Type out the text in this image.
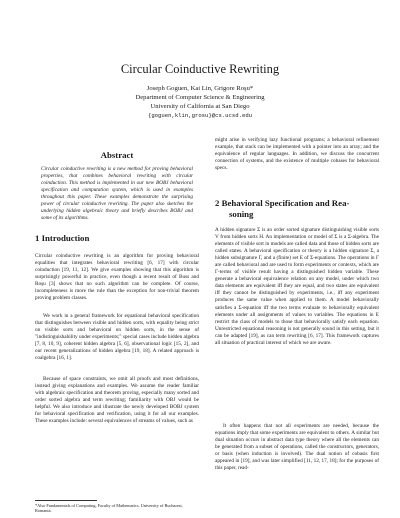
Circular Coinductive Rewriting
Joseph Goguen, Kai Lin, Grigore Roşu*
Department of Computer Science & Engineering
University of California at San Diego
{goguen,klin,grosu}@cs.ucsd.edu
Abstract
Circular coinductive rewriting is a new method for proving behavioral properties, that combines behavioral rewriting with circular coinduction. This method is implemented in our new BOBJ behavioral specification and computation system, which is used in examples throughout this paper. These examples demonstrate the surprising power of circular coinductive rewriting. The paper also sketches the underlying hidden algebraic theory and briefly describes BOBJ and some of its algorithms.
1 Introduction
Circular coinductive rewriting is an algorithm for proving behavioral equalities that integrates behavioral rewriting [6, 17] with circular coinduction [19, 11, 12]. We give examples showing that this algorithm is surprisingly powerful in practice, even though a recent result of Buss and Roşu [3] shows that no such algorithm can be complete. Of course, incompleteness is more the rule than the exception for non-trivial theorem proving problem classes.
We work in a general framework for equational behavioral specification that distinguishes between visible and hidden sorts, with equality being strict on visible sorts and behavioral on hidden sorts, in the sense of "indistinguishability under experiments;" special cases include hidden algebra [7, 8, 10, 9], coherent hidden algebra [5, 6], observational logic [15, 2], and our recent generalizations of hidden algebra [19, 18]. A related approach is coalgebra [16, 1].
Because of space constraints, we omit all proofs and most definitions, instead giving explanations and examples. We assume the reader familiar with algebraic specification and theorem proving, especially many sorted and order sorted algebra and term rewriting; familiarity with OBJ would be helpful. We also introduce and illustrate the newly developed BOBJ system for behavioral specification and verification, using it for all our examples. These examples include: several equivalences of streams of values, such as
*Also Fundamentals of Computing, Faculty of Mathematics, University of Bucharest, Romania.
might arise in verifying lazy functional programs; a behavioral refinement example, that stack can be implemented with a pointer into an array; and the equivalence of regular languages. In addition, we discuss the concurrent connection of systems, and the existence of multiple cobases for behavioral specs.
2 Behavioral Specification and Rea-
soning
A hidden signature Σ is an order sorted signature distinguishing visible sorts V from hidden sorts H. An implementation or model of Σ is a Σ-algebra. The elements of visible sort in models are called data and those of hidden sorts are called states. A behavioral specification or theory is a hidden signature Σ, a hidden subsignature Γ, and a (finite) set E of Σ-equations. The operations in Γ are called behavioral and are used to form experiments or contexts, which are Γ-terms of visible result having a distinguished hidden variable. These generate a behavioral equivalence relation on any model, under which two data elements are equivalent iff they are equal, and two states are equivalent iff they cannot be distinguished by experiments, i.e., iff any experiment produces the same value when applied to them. A model behaviorally satisfies a Σ-equation iff the two terms evaluate to behaviorally equivalent elements under all assignments of values to variables. The equations in E restrict the class of models to those that behaviorally satisfy each equation. Unrestricted equational reasoning is not generally sound in this setting, but it can be adapted [19], as can term rewriting [6, 17]. This framework captures all situation of practical interest of which we are aware.
It often happens that not all experiments are needed, because the equations imply that some experiments are equivalent to others. A similar but dual situation occurs in abstract data type theory where all the elements can be generated from a subset of operations, called the constructors, generators, or basis (when induction is involved). The dual notion of cobasis first appeared in [19], and was later simplified [11, 12, 17, 18]; for the purposes of this paper, read-
